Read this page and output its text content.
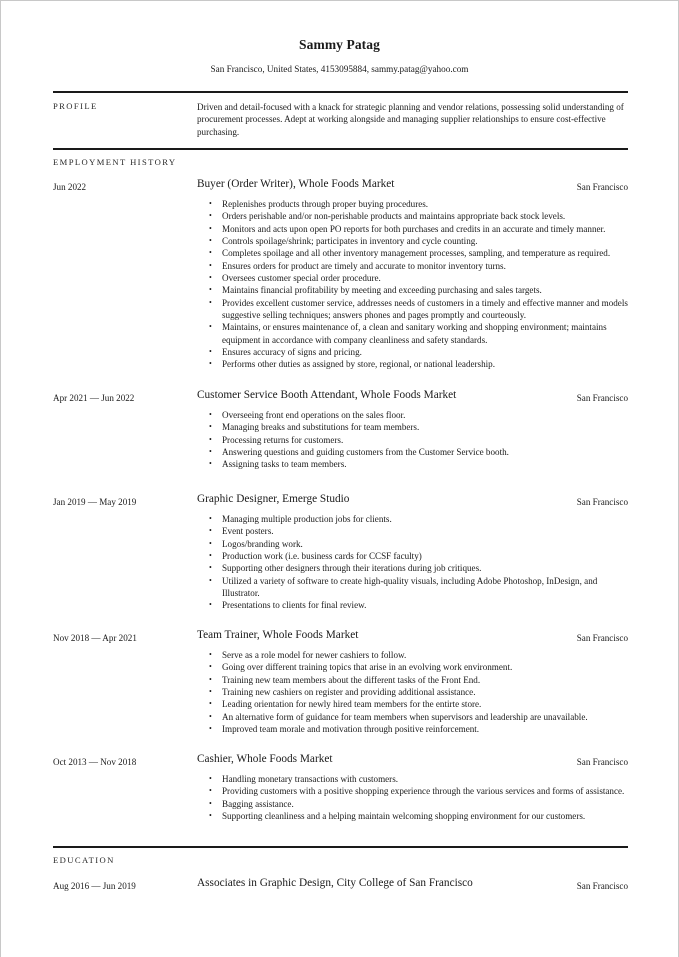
Sammy Patag
San Francisco, United States, 4153095884, sammy.patag@yahoo.com
PROFILE	Driven and detail-focused with a knack for strategic planning and vendor relations, possessing solid understanding of procurement processes. Adept at working alongside and managing supplier relationships to ensure cost-effective purchasing.
EMPLOYMENT HISTORY
Jun 2022	Buyer (Order Writer), Whole Foods Market	San Francisco
• Replenishes products through proper buying procedures.
• Orders perishable and/or non-perishable products and maintains appropriate back stock levels.
• Monitors and acts upon open PO reports for both purchases and credits in an accurate and timely manner.
• Controls spoilage/shrink; participates in inventory and cycle counting.
• Completes spoilage and all other inventory management processes, sampling, and temperature as required.
• Ensures orders for product are timely and accurate to monitor inventory turns.
• Oversees customer special order procedure.
• Maintains financial profitability by meeting and exceeding purchasing and sales targets.
• Provides excellent customer service, addresses needs of customers in a timely and effective manner and models suggestive selling techniques; answers phones and pages promptly and courteously.
• Maintains, or ensures maintenance of, a clean and sanitary working and shopping environment; maintains equipment in accordance with company cleanliness and safety standards.
• Ensures accuracy of signs and pricing.
• Performs other duties as assigned by store, regional, or national leadership.
Apr 2021 — Jun 2022	Customer Service Booth Attendant, Whole Foods Market	San Francisco
• Overseeing front end operations on the sales floor.
• Managing breaks and substitutions for team members.
• Processing returns for customers.
• Answering questions and guiding customers from the Customer Service booth.
• Assigning tasks to team members.
Jan 2019 — May 2019	Graphic Designer, Emerge Studio	San Francisco
• Managing multiple production jobs for clients.
• Event posters.
• Logos/branding work.
• Production work (i.e. business cards for CCSF faculty)
• Supporting other designers through their iterations during job critiques.
• Utilized a variety of software to create high-quality visuals, including Adobe Photoshop, InDesign, and Illustrator.
• Presentations to clients for final review.
Nov 2018 — Apr 2021	Team Trainer, Whole Foods Market	San Francisco
• Serve as a role model for newer cashiers to follow.
• Going over different training topics that arise in an evolving work environment.
• Training new team members about the different tasks of the Front End.
• Training new cashiers on register and providing additional assistance.
• Leading orientation for newly hired team members for the entirte store.
• An alternative form of guidance for team members when supervisors and leadership are unavailable.
• Improved team morale and motivation through positive reinforcement.
Oct 2013 — Nov 2018	Cashier, Whole Foods Market	San Francisco
• Handling monetary transactions with customers.
• Providing customers with a positive shopping experience through the various services and forms of assistance.
• Bagging assistance.
• Supporting cleanliness and a helping maintain welcoming shopping environment for our customers.
EDUCATION
Aug 2016 — Jun 2019	Associates in Graphic Design, City College of San Francisco	San Francisco
